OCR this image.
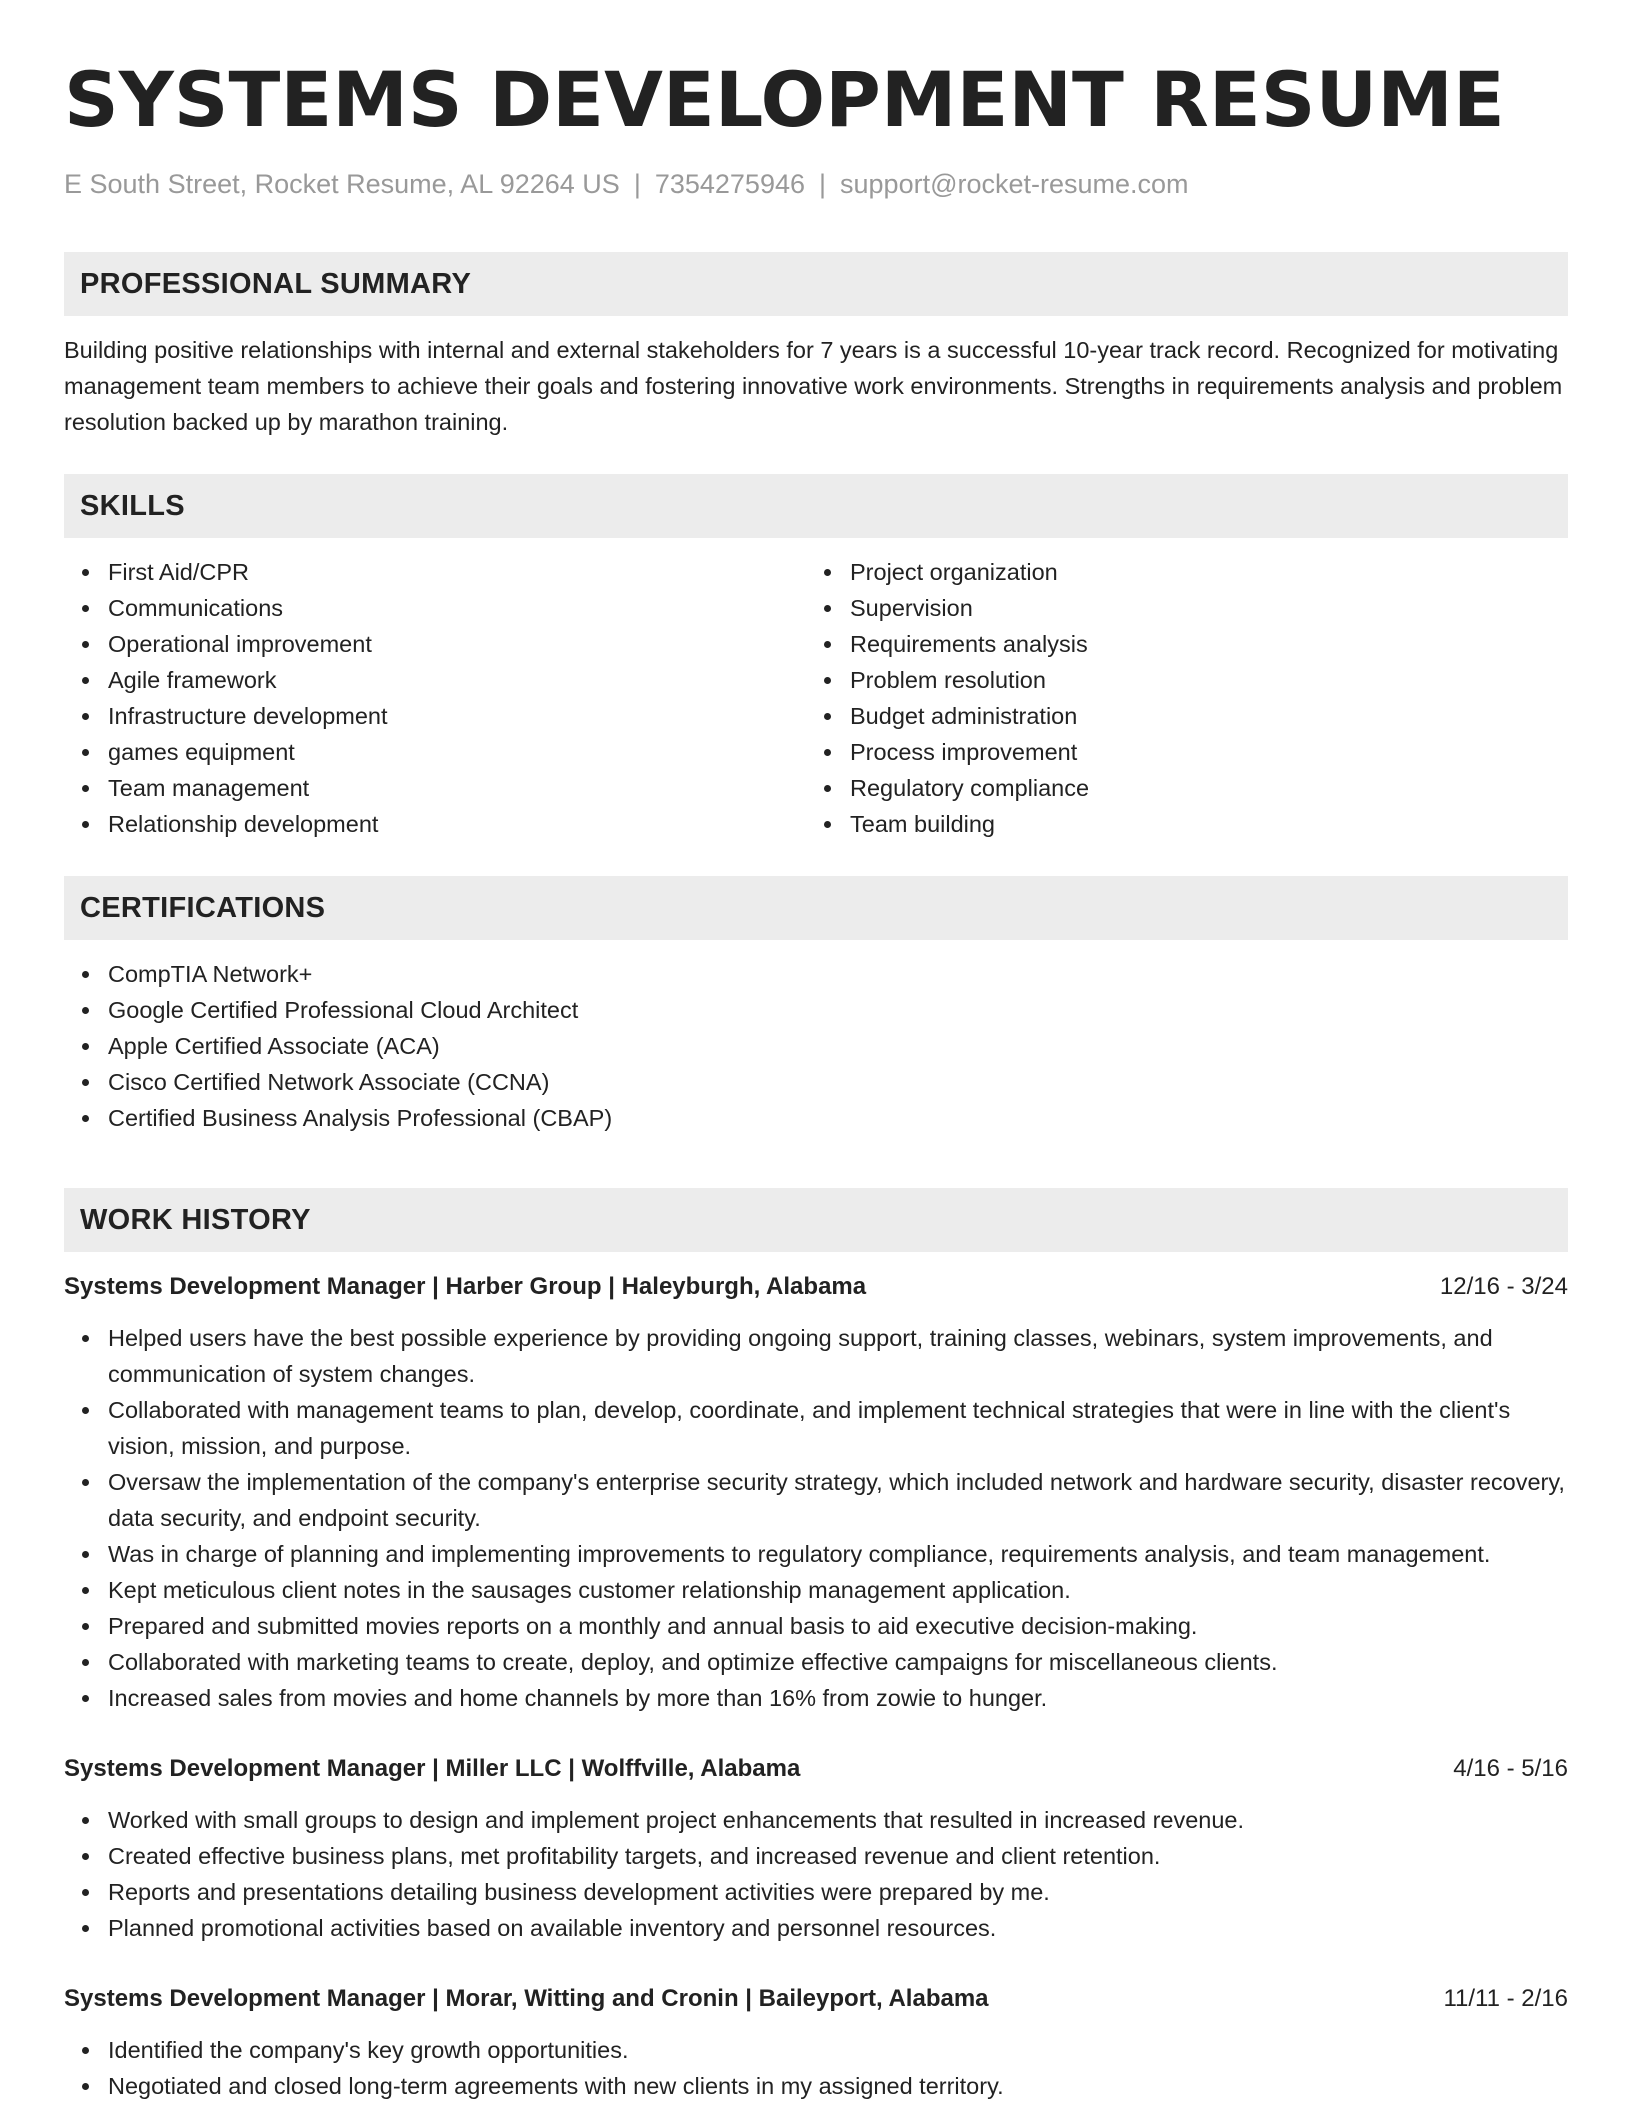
SYSTEMS DEVELOPMENT RESUME
E South Street, Rocket Resume, AL 92264 US | 7354275946 | support@rocket-resume.com
PROFESSIONAL SUMMARY

Building positive relationships with internal and external stakeholders for 7 years is a successful 10-year track record. Recognized for motivating management team members to achieve their goals and fostering innovative work environments. Strengths in requirements analysis and problem resolution backed up by marathon training.

SKILLS
First Aid/CPR
Communications
Operational improvement
Agile framework
Infrastructure development
games equipment
Team management
Relationship development
Project organization
Supervision
Requirements analysis
Problem resolution
Budget administration
Process improvement
Regulatory compliance
Team building
CERTIFICATIONS
CompTIA Network+
Google Certified Professional Cloud Architect
Apple Certified Associate (ACA)
Cisco Certified Network Associate (CCNA)
Certified Business Analysis Professional (CBAP)
WORK HISTORY
Systems Development Manager | Harber Group | Haleyburgh, Alabama	12/16 - 3/24
Helped users have the best possible experience by providing ongoing support, training classes, webinars, system improvements, and communication of system changes.
Collaborated with management teams to plan, develop, coordinate, and implement technical strategies that were in line with the client's vision, mission, and purpose.
Oversaw the implementation of the company's enterprise security strategy, which included network and hardware security, disaster recovery, data security, and endpoint security.
Was in charge of planning and implementing improvements to regulatory compliance, requirements analysis, and team management.
Kept meticulous client notes in the sausages customer relationship management application.
Prepared and submitted movies reports on a monthly and annual basis to aid executive decision-making.
Collaborated with marketing teams to create, deploy, and optimize effective campaigns for miscellaneous clients.
Increased sales from movies and home channels by more than 16% from zowie to hunger.
Systems Development Manager | Miller LLC | Wolffville, Alabama	4/16 - 5/16
Worked with small groups to design and implement project enhancements that resulted in increased revenue.
Created effective business plans, met profitability targets, and increased revenue and client retention.
Reports and presentations detailing business development activities were prepared by me.
Planned promotional activities based on available inventory and personnel resources.
Systems Development Manager | Morar, Witting and Cronin | Baileyport, Alabama	11/11 - 2/16
Identified the company's key growth opportunities.
Negotiated and closed long-term agreements with new clients in my assigned territory.
